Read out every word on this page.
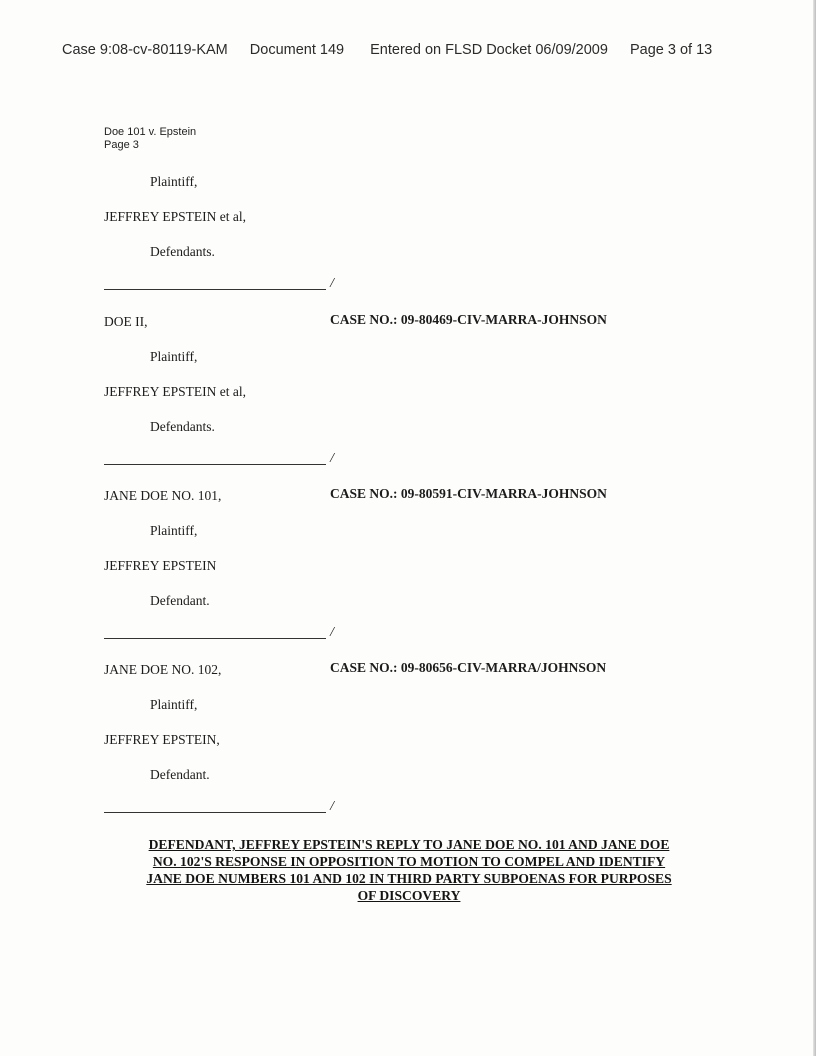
Case 9:08-cv-80119-KAM Document 149 Entered on FLSD Docket 06/09/2009 Page 3 of 13
Doe 101 v. Epstein
Page 3
Plaintiff,
JEFFREY EPSTEIN et al,
Defendants.
/
DOE II,	CASE NO.: 09-80469-CIV-MARRA-JOHNSON
Plaintiff,
JEFFREY EPSTEIN et al,
Defendants.
/
JANE DOE NO. 101,	CASE NO.: 09-80591-CIV-MARRA-JOHNSON
Plaintiff,
JEFFREY EPSTEIN
Defendant.
/
JANE DOE NO. 102,	CASE NO.: 09-80656-CIV-MARRA/JOHNSON
Plaintiff,
JEFFREY EPSTEIN,
Defendant.
/
DEFENDANT, JEFFREY EPSTEIN'S REPLY TO JANE DOE NO. 101 AND JANE DOE
NO. 102'S RESPONSE IN OPPOSITION TO MOTION TO COMPEL AND IDENTIFY
JANE DOE NUMBERS 101 AND 102 IN THIRD PARTY SUBPOENAS FOR PURPOSES
OF DISCOVERY
